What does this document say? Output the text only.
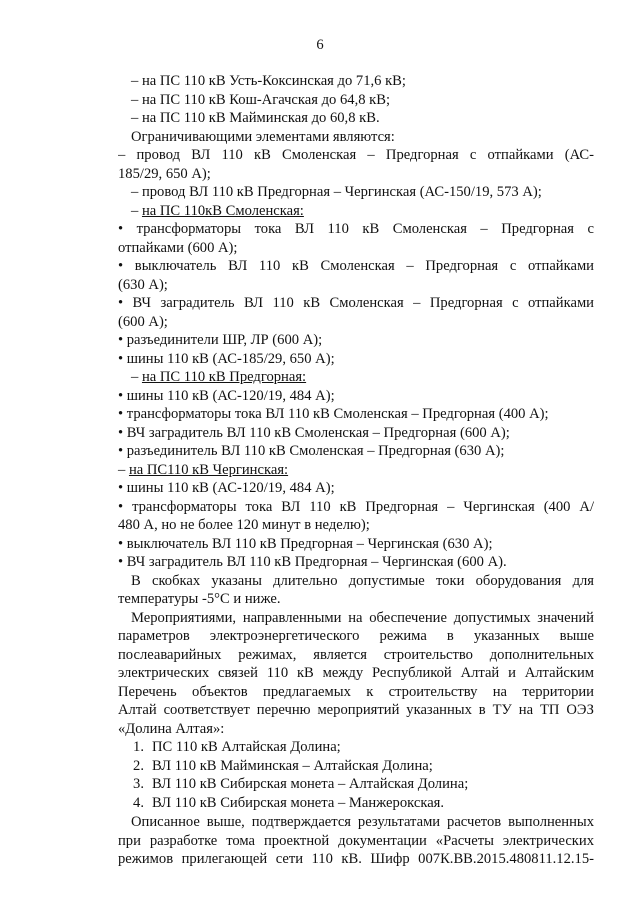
6
– на ПС 110 кВ Усть-Коксинская до 71,6 кВ;
– на ПС 110 кВ Кош-Агачская до 64,8 кВ;
– на ПС 110 кВ Майминская до 60,8 кВ.
Ограничивающими элементами являются:
– провод ВЛ 110 кВ Смоленская – Предгорная с отпайками (АС-
185/29, 650 А);
– провод ВЛ 110 кВ Предгорная – Чергинская (АС-150/19, 573 А);
– на ПС 110кВ Смоленская:
• трансформаторы тока ВЛ 110 кВ Смоленская – Предгорная с
отпайками (600 А);
• выключатель ВЛ 110 кВ Смоленская – Предгорная с отпайками
(630 А);
• ВЧ заградитель ВЛ 110 кВ Смоленская – Предгорная с отпайками
(600 А);
• разъединители ШР, ЛР (600 А);
• шины 110 кВ (АС-185/29, 650 А);
– на ПС 110 кВ Предгорная:
• шины 110 кВ (АС-120/19, 484 А);
• трансформаторы тока ВЛ 110 кВ Смоленская – Предгорная (400 А);
• ВЧ заградитель ВЛ 110 кВ Смоленская – Предгорная (600 А);
• разъединитель ВЛ 110 кВ Смоленская – Предгорная (630 А);
– на ПС110 кВ Чергинская:
• шины 110 кВ (АС-120/19, 484 А);
• трансформаторы тока ВЛ 110 кВ Предгорная – Чергинская (400 А/
480 А, но не более 120 минут в неделю);
• выключатель ВЛ 110 кВ Предгорная – Чергинская (630 А);
• ВЧ заградитель ВЛ 110 кВ Предгорная – Чергинская (600 А).
В скобках указаны длительно допустимые токи оборудования для
температуры -5°С и ниже.
Мероприятиями, направленными на обеспечение допустимых значений
параметров электроэнергетического режима в указанных выше
послеаварийных режимах, является строительство дополнительных
электрических связей 110 кВ между Республикой Алтай и Алтайским
Перечень объектов предлагаемых к строительству на территории
Алтай соответствует перечню мероприятий указанных в ТУ на ТП ОЭЗ
«Долина Алтая»:
1. ПС 110 кВ Алтайская Долина;
2. ВЛ 110 кВ Майминская – Алтайская Долина;
3. ВЛ 110 кВ Сибирская монета – Алтайская Долина;
4. ВЛ 110 кВ Сибирская монета – Манжерокская.
Описанное выше, подтверждается результатами расчетов выполненных
при разработке тома проектной документации «Расчеты электрических
режимов прилегающей сети 110 кВ. Шифр 007К.ВВ.2015.480811.12.15-
